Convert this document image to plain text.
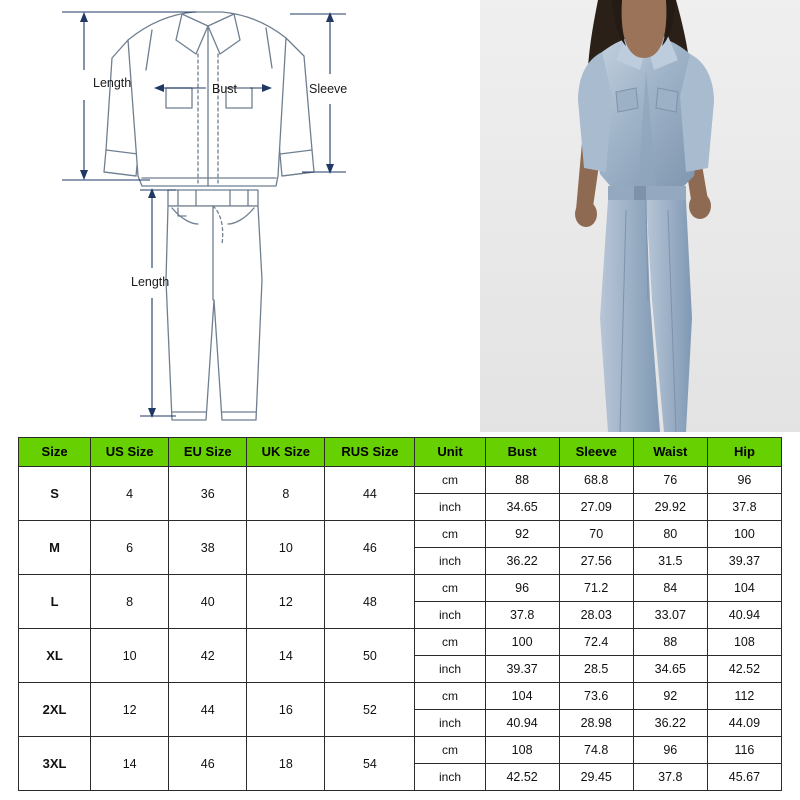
Length	Bust	Sleeve
Length
Size	US Size	EU Size	UK Size	RUS Size	Unit	Bust	Sleeve	Waist	Hip
S	4	36	8	44	cm	88	68.8	76	96
					inch	34.65	27.09	29.92	37.8
M	6	38	10	46	cm	92	70	80	100
					inch	36.22	27.56	31.5	39.37
L	8	40	12	48	cm	96	71.2	84	104
					inch	37.8	28.03	33.07	40.94
XL	10	42	14	50	cm	100	72.4	88	108
					inch	39.37	28.5	34.65	42.52
2XL	12	44	16	52	cm	104	73.6	92	112
					inch	40.94	28.98	36.22	44.09
3XL	14	46	18	54	cm	108	74.8	96	116
					inch	42.52	29.45	37.8	45.67
